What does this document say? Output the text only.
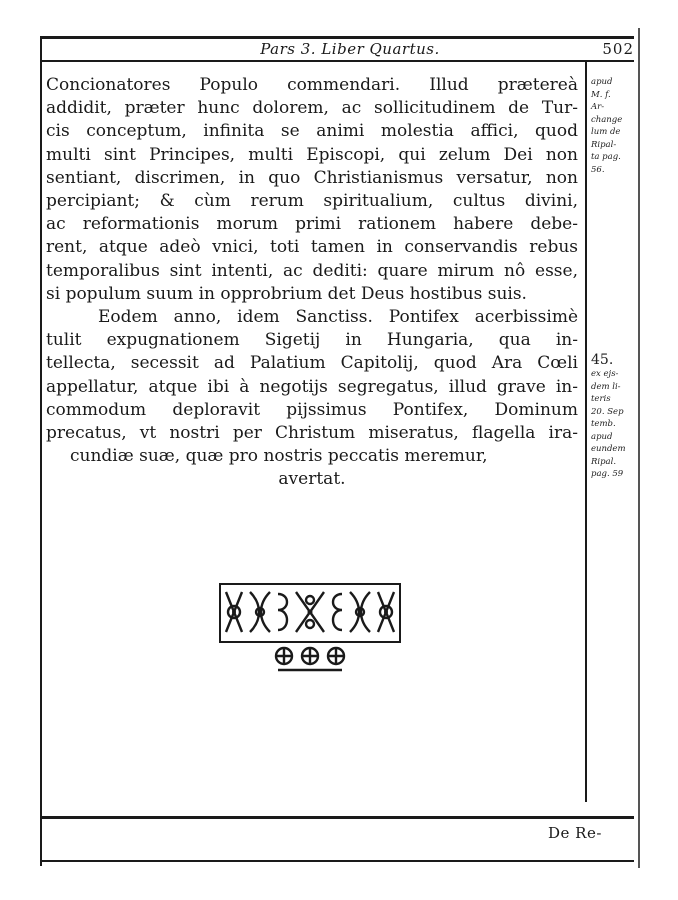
Pars 3. Liber Quartus.	502
Concionatores Populo commendari. Illud prætereà
addidit, præter hunc dolorem, ac sollicitudinem de Tur-
cis conceptum, infinita se animi molestia affici, quod
multi sint Principes, multi Episcopi, qui zelum Dei non
sentiant, discrimen, in quo Christianismus versatur, non
percipiant; & cùm rerum spiritualium, cultus divini,
ac reformationis morum primi rationem habere debe-
rent, atque adeò vnici, toti tamen in conservandis rebus
temporalibus sint intenti, ac dediti: quare mirum nô esse,
si populum suum in opprobrium det Deus hostibus suis.
Eodem anno, idem Sanctiss. Pontifex acerbissimè
tulit expugnationem Sigetij in Hungaria, qua in-
tellecta, secessit ad Palatium Capitolij, quod Ara Cœli
appellatur, atque ibi à negotijs segregatus, illud grave in-
commodum deploravit pijssimus Pontifex, Dominum
precatus, vt nostri per Christum miseratus, flagella ira-
cundiæ suæ, quæ pro nostris peccatis meremur,
avertat.
apud
M. f.
Ar-
change
lum de
Ripal-
ta pag.
56.
45.
ex ejs-
dem li-
teris
20. Sep
temb.
apud
eundem
Ripal.
pag. 59
De Re-
